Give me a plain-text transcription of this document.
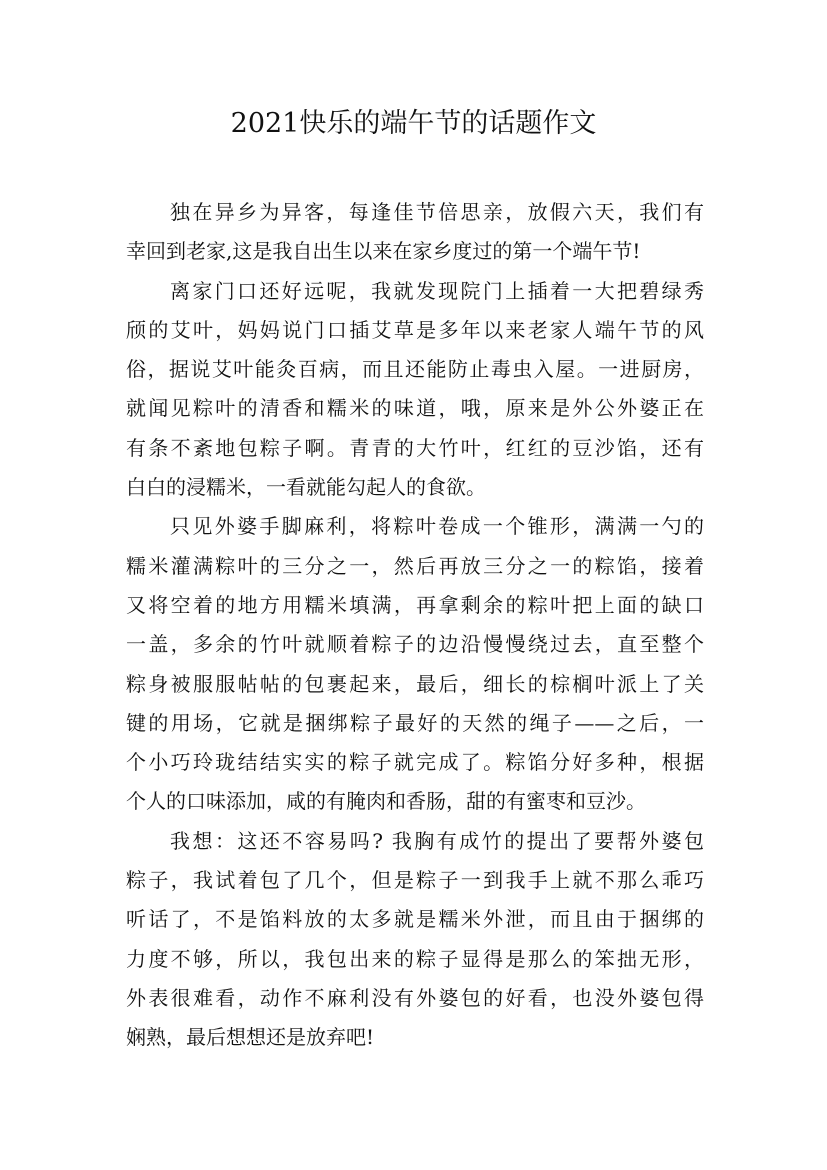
2021快乐的端午节的话题作文

独在异乡为异客，每逢佳节倍思亲，放假六天，我们有

幸回到老家,这是我自出生以来在家乡度过的第一个端午节!

离家门口还好远呢，我就发现院门上插着一大把碧绿秀

颀的艾叶，妈妈说门口插艾草是多年以来老家人端午节的风

俗，据说艾叶能灸百病，而且还能防止毒虫入屋。一进厨房，

就闻见粽叶的清香和糯米的味道，哦，原来是外公外婆正在

有条不紊地包粽子啊。青青的大竹叶，红红的豆沙馅，还有

白白的浸糯米，一看就能勾起人的食欲。

只见外婆手脚麻利，将粽叶卷成一个锥形，满满一勺的

糯米灌满粽叶的三分之一，然后再放三分之一的粽馅，接着

又将空着的地方用糯米填满，再拿剩余的粽叶把上面的缺口

一盖，多余的竹叶就顺着粽子的边沿慢慢绕过去，直至整个

粽身被服服帖帖的包裹起来，最后，细长的棕榈叶派上了关

键的用场，它就是捆绑粽子最好的天然的绳子——之后，一

个小巧玲珑结结实实的粽子就完成了。粽馅分好多种，根据

个人的口味添加，咸的有腌肉和香肠，甜的有蜜枣和豆沙。

我想：这还不容易吗? 我胸有成竹的提出了要帮外婆包

粽子，我试着包了几个，但是粽子一到我手上就不那么乖巧

听话了，不是馅料放的太多就是糯米外泄，而且由于捆绑的

力度不够，所以，我包出来的粽子显得是那么的笨拙无形，

外表很难看，动作不麻利没有外婆包的好看，也没外婆包得

娴熟，最后想想还是放弃吧!
